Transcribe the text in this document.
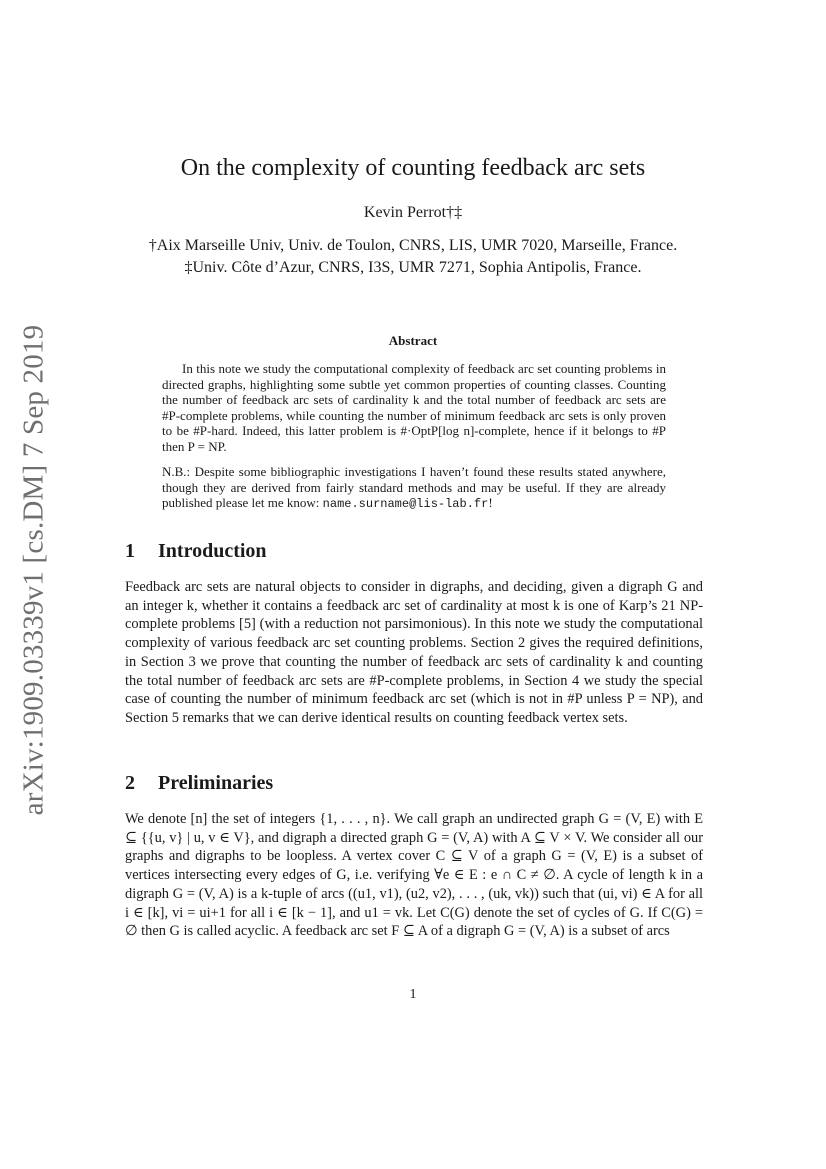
arXiv:1909.03339v1 [cs.DM] 7 Sep 2019
On the complexity of counting feedback arc sets
Kevin Perrot†‡
†Aix Marseille Univ, Univ. de Toulon, CNRS, LIS, UMR 7020, Marseille, France.
‡Univ. Côte d’Azur, CNRS, I3S, UMR 7271, Sophia Antipolis, France.
Abstract

In this note we study the computational complexity of feedback arc set counting problems in directed graphs, highlighting some subtle yet common properties of counting classes. Counting the number of feedback arc sets of cardinality k and the total number of feedback arc sets are #P-complete problems, while counting the number of minimum feedback arc sets is only proven to be #P-hard. Indeed, this latter problem is #·OptP[log n]-complete, hence if it belongs to #P then P = NP.

N.B.: Despite some bibliographic investigations I haven’t found these results stated anywhere, though they are derived from fairly standard methods and may be useful. If they are already published please let me know: name.surname@lis-lab.fr!

1 Introduction

Feedback arc sets are natural objects to consider in digraphs, and deciding, given a digraph G and an integer k, whether it contains a feedback arc set of cardinality at most k is one of Karp’s 21 NP-complete problems [5] (with a reduction not parsimonious). In this note we study the computational complexity of various feedback arc set counting problems. Section 2 gives the required definitions, in Section 3 we prove that counting the number of feedback arc sets of cardinality k and counting the total number of feedback arc sets are #P-complete problems, in Section 4 we study the special case of counting the number of minimum feedback arc set (which is not in #P unless P = NP), and Section 5 remarks that we can derive identical results on counting feedback vertex sets.

2 Preliminaries

We denote [n] the set of integers {1, . . . , n}. We call graph an undirected graph G = (V, E) with E ⊆ {{u, v} | u, v ∈ V}, and digraph a directed graph G = (V, A) with A ⊆ V × V. We consider all our graphs and digraphs to be loopless. A vertex cover C ⊆ V of a graph G = (V, E) is a subset of vertices intersecting every edges of G, i.e. verifying ∀e ∈ E : e ∩ C ≠ ∅. A cycle of length k in a digraph G = (V, A) is a k-tuple of arcs ((u1, v1), (u2, v2), . . . , (uk, vk)) such that (ui, vi) ∈ A for all i ∈ [k], vi = ui+1 for all i ∈ [k − 1], and u1 = vk. Let C(G) denote the set of cycles of G. If C(G) = ∅ then G is called acyclic. A feedback arc set F ⊆ A of a digraph G = (V, A) is a subset of arcs

1
